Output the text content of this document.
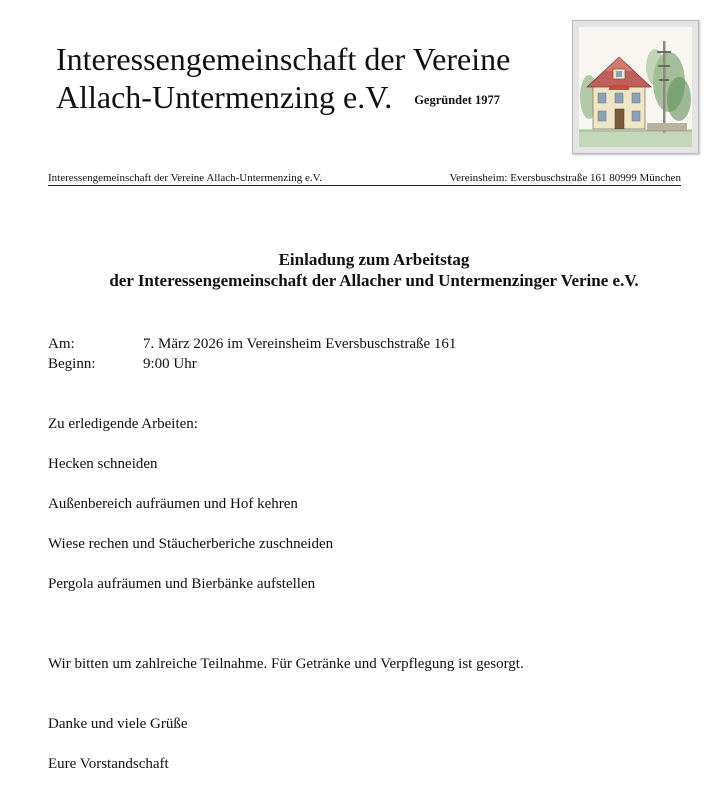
Interessengemeinschaft der Vereine
Allach-Untermenzing e.V. Gegründet 1977
Interessengemeinschaft der Vereine Allach-Untermenzing e.V.	Vereinsheim: Eversbuschstraße 161 80999 München
Einladung zum Arbeitstag
der Interessengemeinschaft der Allacher und Untermenzinger Verine e.V.
Am:	7. März 2026 im Vereinsheim Eversbuschstraße 161
Beginn:	9:00 Uhr
Zu erledigende Arbeiten:
Hecken schneiden
Außenbereich aufräumen und Hof kehren
Wiese rechen und Stäucherberiche zuschneiden
Pergola aufräumen und Bierbänke aufstellen
Wir bitten um zahlreiche Teilnahme. Für Getränke und Verpflegung ist gesorgt.
Danke und viele Grüße
Eure Vorstandschaft
